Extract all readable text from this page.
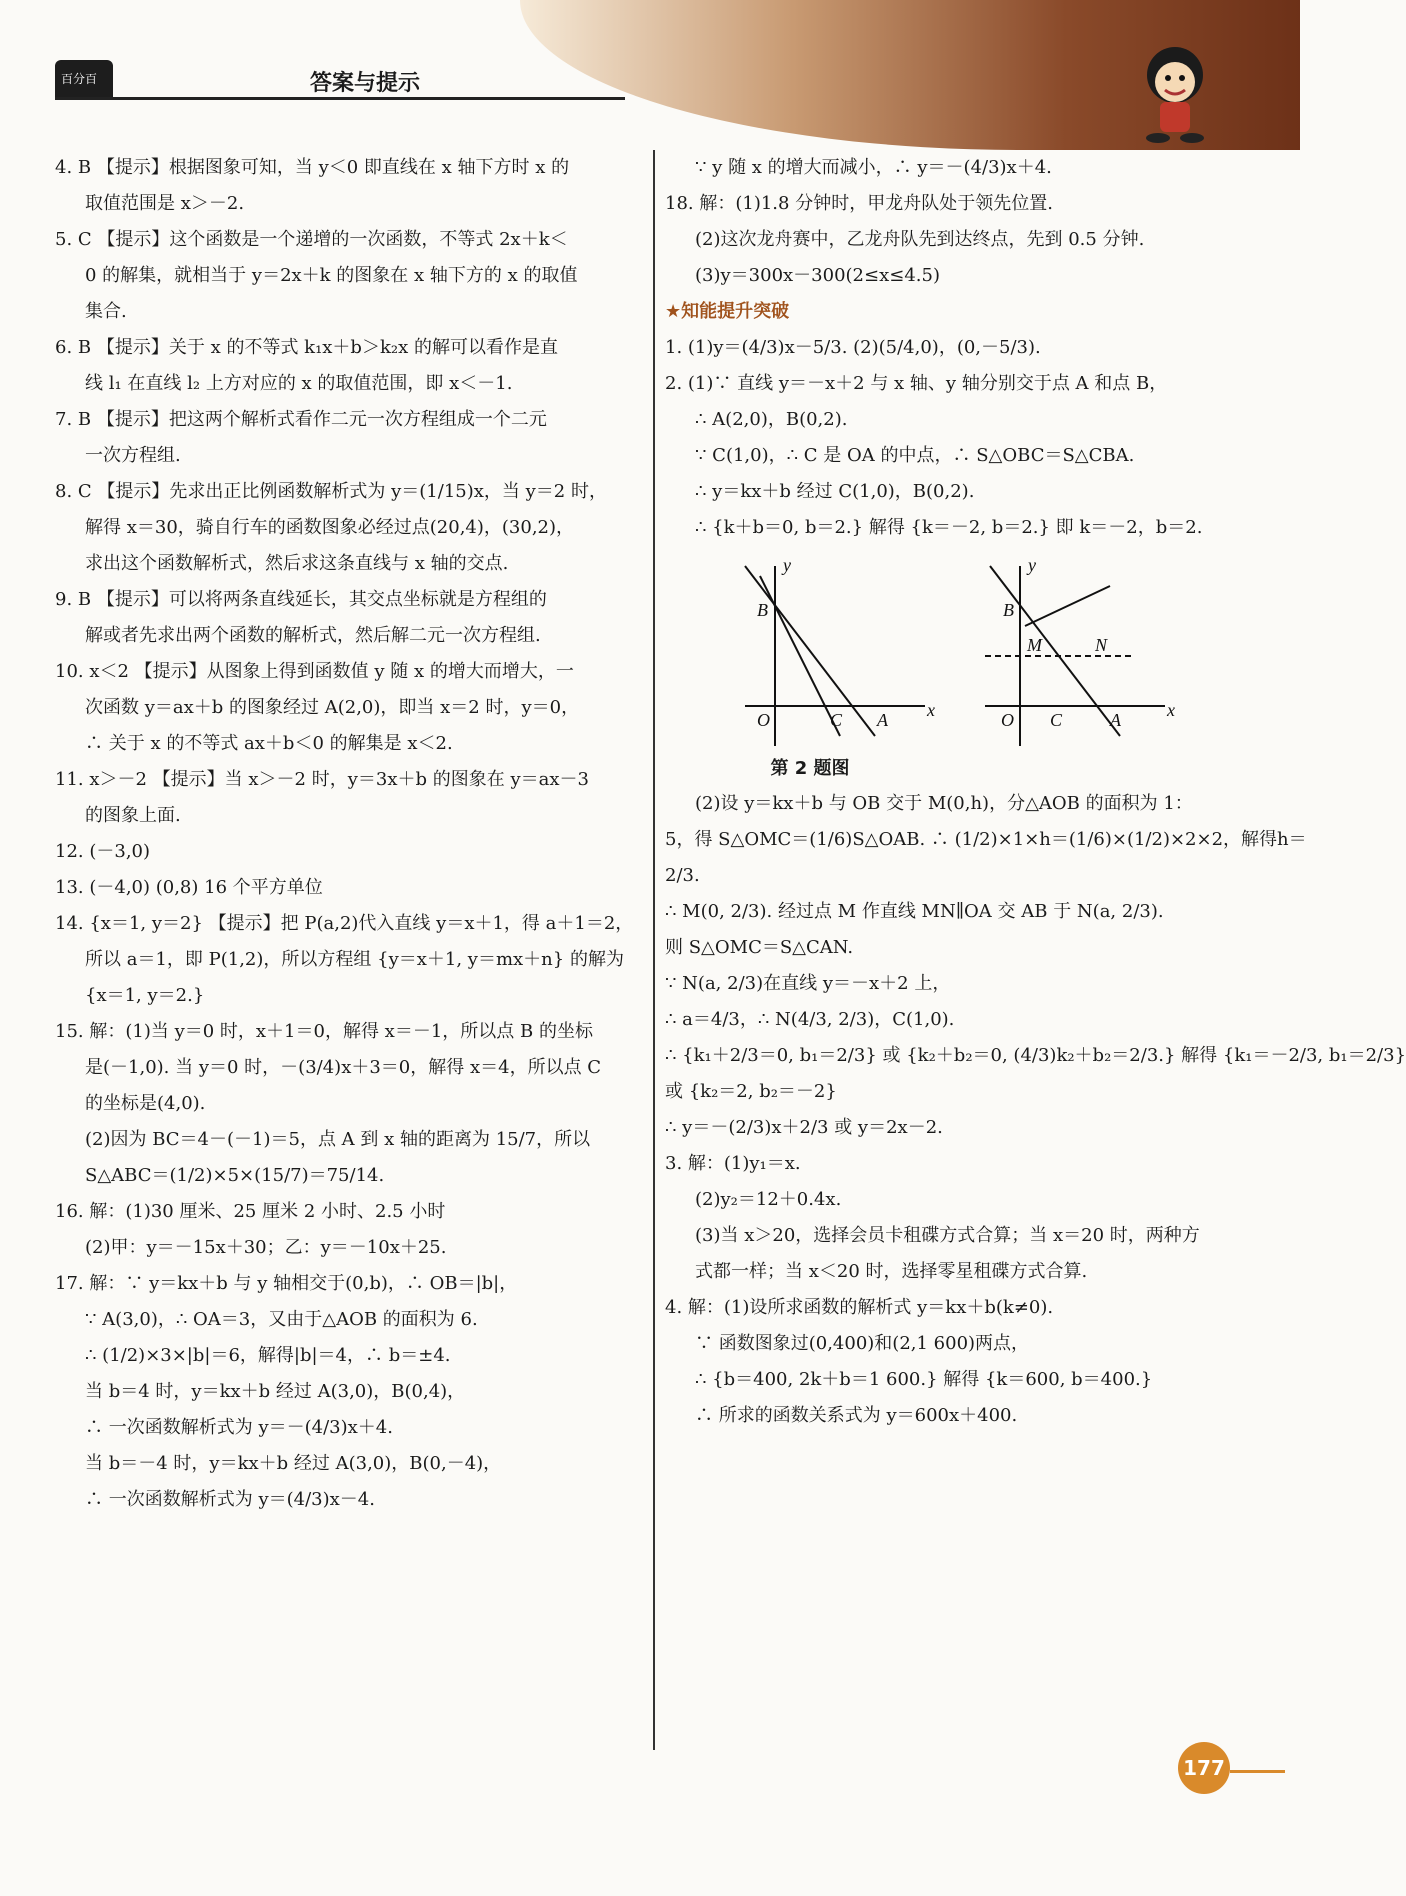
百分百	答案与提示
4. B 【提示】根据图象可知，当 y＜0 即直线在 x 轴下方时 x 的
取值范围是 x＞－2.
5. C 【提示】这个函数是一个递增的一次函数，不等式 2x＋k＜
0 的解集，就相当于 y＝2x＋k 的图象在 x 轴下方的 x 的取值
集合.
6. B 【提示】关于 x 的不等式 k₁x＋b＞k₂x 的解可以看作是直
线 l₁ 在直线 l₂ 上方对应的 x 的取值范围，即 x＜－1.
7. B 【提示】把这两个解析式看作二元一次方程组成一个二元
一次方程组.
8. C 【提示】先求出正比例函数解析式为 y＝(1/15)x，当 y＝2 时，
解得 x＝30，骑自行车的函数图象必经过点(20,4)，(30,2)，
求出这个函数解析式，然后求这条直线与 x 轴的交点.
9. B 【提示】可以将两条直线延长，其交点坐标就是方程组的
解或者先求出两个函数的解析式，然后解二元一次方程组.
10. x＜2 【提示】从图象上得到函数值 y 随 x 的增大而增大，一
次函数 y＝ax＋b 的图象经过 A(2,0)，即当 x＝2 时，y＝0，
∴ 关于 x 的不等式 ax＋b＜0 的解集是 x＜2.
11. x＞－2 【提示】当 x＞－2 时，y＝3x＋b 的图象在 y＝ax－3
的图象上面.
12. (－3,0)
13. (－4,0) (0,8) 16 个平方单位
14. {x＝1, y＝2} 【提示】把 P(a,2)代入直线 y＝x＋1，得 a＋1＝2，
所以 a＝1，即 P(1,2)，所以方程组 {y＝x＋1, y＝mx＋n} 的解为
{x＝1, y＝2.}
15. 解：(1)当 y＝0 时，x＋1＝0，解得 x＝－1，所以点 B 的坐标
是(－1,0). 当 y＝0 时，－(3/4)x＋3＝0，解得 x＝4，所以点 C
的坐标是(4,0).
(2)因为 BC＝4－(－1)＝5，点 A 到 x 轴的距离为 15/7，所以
S△ABC＝(1/2)×5×(15/7)＝75/14.
16. 解：(1)30 厘米、25 厘米 2 小时、2.5 小时
(2)甲：y＝－15x＋30；乙：y＝－10x＋25.
17. 解：∵ y＝kx＋b 与 y 轴相交于(0,b)，∴ OB＝|b|，
∵ A(3,0)，∴ OA＝3，又由于△AOB 的面积为 6.
∴ (1/2)×3×|b|＝6，解得|b|＝4，∴ b＝±4.
当 b＝4 时，y＝kx＋b 经过 A(3,0)，B(0,4)，
∴ 一次函数解析式为 y＝－(4/3)x＋4.
当 b＝－4 时，y＝kx＋b 经过 A(3,0)，B(0,－4)，
∴ 一次函数解析式为 y＝(4/3)x－4.
∵ y 随 x 的增大而减小，∴ y＝－(4/3)x＋4.
18. 解：(1)1.8 分钟时，甲龙舟队处于领先位置.
(2)这次龙舟赛中，乙龙舟队先到达终点，先到 0.5 分钟.
(3)y＝300x－300(2≤x≤4.5)
★知能提升突破
1. (1)y＝(4/3)x－5/3. (2)(5/4,0)，(0,－5/3).
2. (1)∵ 直线 y＝－x＋2 与 x 轴、y 轴分别交于点 A 和点 B，
∴ A(2,0)，B(0,2).
∵ C(1,0)，∴ C 是 OA 的中点，∴ S△OBC＝S△CBA.
∴ y＝kx＋b 经过 C(1,0)，B(0,2).
∴ {k＋b＝0, b＝2.} 解得 {k＝－2, b＝2.} 即 k＝－2，b＝2.
y
B
O	C A x
y
B
M	N
O C	A	x
第 2 题图
(2)设 y＝kx＋b 与 OB 交于 M(0,h)，分△AOB 的面积为 1：
5，得 S△OMC＝(1/6)S△OAB. ∴ (1/2)×1×h＝(1/6)×(1/2)×2×2，解得h＝
2/3.
∴ M(0, 2/3). 经过点 M 作直线 MN∥OA 交 AB 于 N(a, 2/3).
则 S△OMC＝S△CAN.
∵ N(a, 2/3)在直线 y＝－x＋2 上，
∴ a＝4/3，∴ N(4/3, 2/3)，C(1,0).
∴ {k₁＋2/3＝0, b₁＝2/3} 或 {k₂＋b₂＝0, (4/3)k₂＋b₂＝2/3.} 解得 {k₁＝－2/3, b₁＝2/3}
或 {k₂＝2, b₂＝－2}
∴ y＝－(2/3)x＋2/3 或 y＝2x－2.
3. 解：(1)y₁＝x.
(2)y₂＝12＋0.4x.
(3)当 x＞20，选择会员卡租碟方式合算；当 x＝20 时，两种方
式都一样；当 x＜20 时，选择零星租碟方式合算.
4. 解：(1)设所求函数的解析式 y＝kx＋b(k≠0).
∵ 函数图象过(0,400)和(2,1 600)两点，
∴ {b＝400, 2k＋b＝1 600.} 解得 {k＝600, b＝400.}
∴ 所求的函数关系式为 y＝600x＋400.
177
